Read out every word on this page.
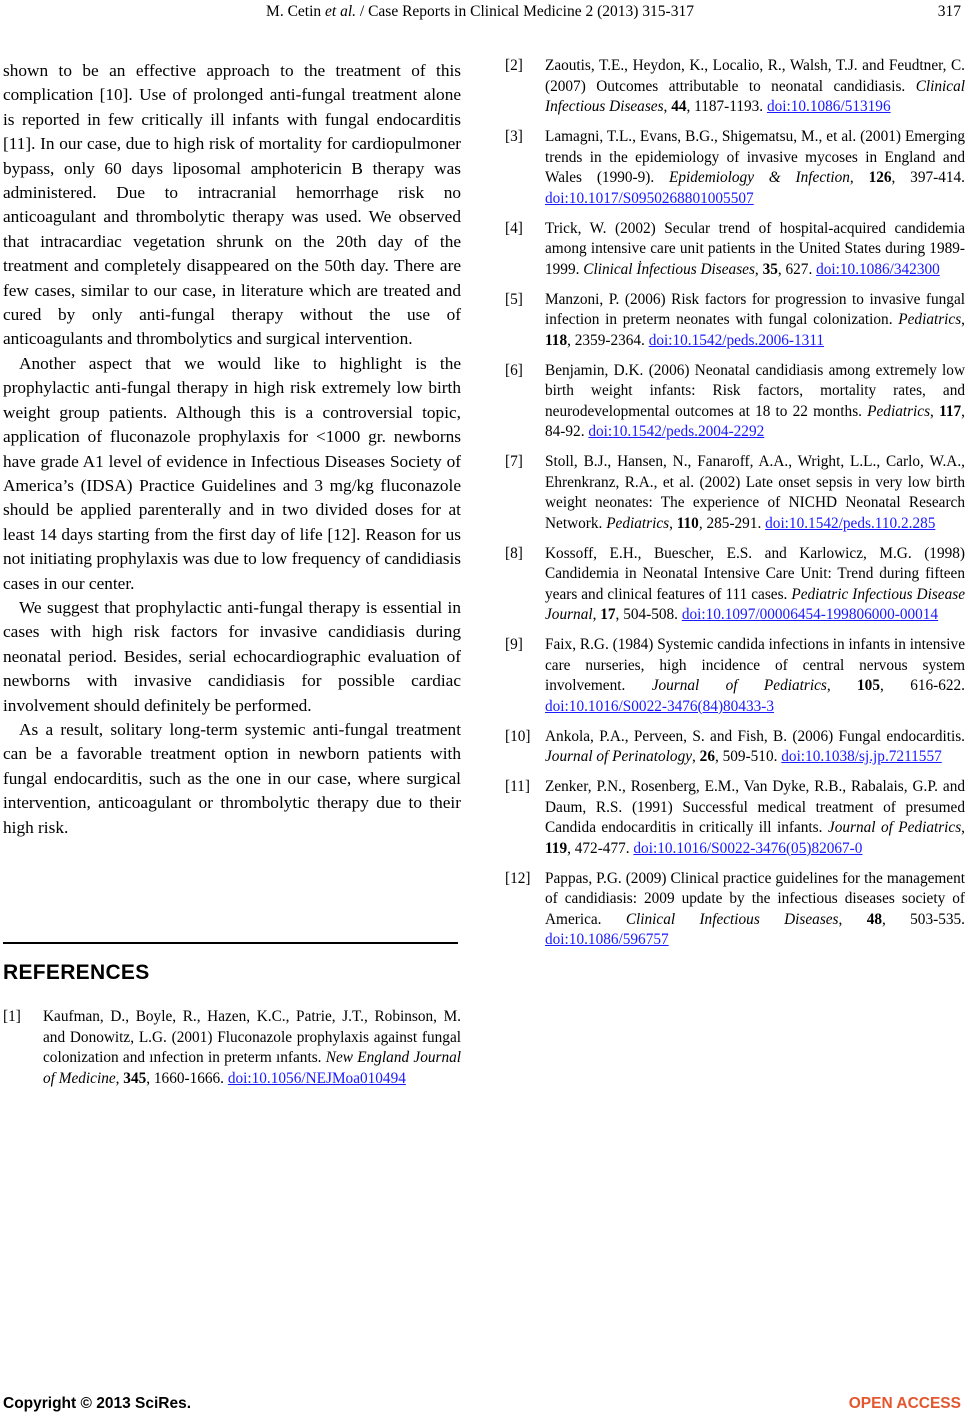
M. Cetin et al. / Case Reports in Clinical Medicine 2 (2013) 315-317	317

shown to be an effective approach to the treatment of this complication [10]. Use of prolonged anti-fungal treatment alone is reported in few critically ill infants with fungal endocarditis [11]. In our case, due to high risk of mortality for cardiopulmoner bypass, only 60 days liposomal amphotericin B therapy was administered. Due to intracranial hemorrhage risk no anticoagulant and thrombolytic therapy was used. We observed that intracardiac vegetation shrunk on the 20th day of the treatment and completely disappeared on the 50th day. There are few cases, similar to our case, in literature which are treated and cured by only anti-fungal therapy without the use of anticoagulants and thrombolytics and surgical intervention.

Another aspect that we would like to highlight is the prophylactic anti-fungal therapy in high risk extremely low birth weight group patients. Although this is a controversial topic, application of fluconazole prophylaxis for <1000 gr. newborns have grade A1 level of evidence in Infectious Diseases Society of America’s (IDSA) Practice Guidelines and 3 mg/kg fluconazole should be applied parenterally and in two divided doses for at least 14 days starting from the first day of life [12]. Reason for us not initiating prophylaxis was due to low frequency of candidiasis cases in our center.

We suggest that prophylactic anti-fungal therapy is essential in cases with high risk factors for invasive candidiasis during neonatal period. Besides, serial echocardiographic evaluation of newborns with invasive candidiasis for possible cardiac involvement should definitely be performed.

As a result, solitary long-term systemic anti-fungal treatment can be a favorable treatment option in newborn patients with fungal endocarditis, such as the one in our case, where surgical intervention, anticoagulant or thrombolytic therapy due to their high risk.

REFERENCES
[1]	Kaufman, D., Boyle, R., Hazen, K.C., Patrie, J.T., Robinson, M. and Donowitz, L.G. (2001) Fluconazole prophylaxis against fungal colonization and ınfection in preterm ınfants. New England Journal of Medicine, 345, 1660-1666. doi:10.1056/NEJMoa010494
[2]	Zaoutis, T.E., Heydon, K., Localio, R., Walsh, T.J. and Feudtner, C. (2007) Outcomes attributable to neonatal candidiasis. Clinical Infectious Diseases, 44, 1187-1193. doi:10.1086/513196
[3]	Lamagni, T.L., Evans, B.G., Shigematsu, M., et al. (2001) Emerging trends in the epidemiology of invasive mycoses in England and Wales (1990-9). Epidemiology & Infection, 126, 397-414. doi:10.1017/S0950268801005507
[4]	Trick, W. (2002) Secular trend of hospital-acquired candidemia among intensive care unit patients in the United States during 1989-1999. Clinical İnfectious Diseases, 35, 627. doi:10.1086/342300
[5]	Manzoni, P. (2006) Risk factors for progression to invasive fungal infection in preterm neonates with fungal colonization. Pediatrics, 118, 2359-2364. doi:10.1542/peds.2006-1311
[6]	Benjamin, D.K. (2006) Neonatal candidiasis among extremely low birth weight infants: Risk factors, mortality rates, and neurodevelopmental outcomes at 18 to 22 months. Pediatrics, 117, 84-92. doi:10.1542/peds.2004-2292
[7]	Stoll, B.J., Hansen, N., Fanaroff, A.A., Wright, L.L., Carlo, W.A., Ehrenkranz, R.A., et al. (2002) Late onset sepsis in very low birth weight neonates: The experience of NICHD Neonatal Research Network. Pediatrics, 110, 285-291. doi:10.1542/peds.110.2.285
[8]	Kossoff, E.H., Buescher, E.S. and Karlowicz, M.G. (1998) Candidemia in Neonatal Intensive Care Unit: Trend during fifteen years and clinical features of 111 cases. Pediatric Infectious Disease Journal, 17, 504-508. doi:10.1097/00006454-199806000-00014
[9]	Faix, R.G. (1984) Systemic candida infections in infants in intensive care nurseries, high incidence of central nervous system involvement. Journal of Pediatrics, 105, 616-622. doi:10.1016/S0022-3476(84)80433-3
[10] Ankola, P.A., Perveen, S. and Fish, B. (2006) Fungal endocarditis. Journal of Perinatology, 26, 509-510. doi:10.1038/sj.jp.7211557
[11] Zenker, P.N., Rosenberg, E.M., Van Dyke, R.B., Rabalais, G.P. and Daum, R.S. (1991) Successful medical treatment of presumed Candida endocarditis in critically ill infants. Journal of Pediatrics, 119, 472-477. doi:10.1016/S0022-3476(05)82067-0
[12] Pappas, P.G. (2009) Clinical practice guidelines for the management of candidiasis: 2009 update by the infectious diseases society of America. Clinical Infectious Diseases, 48, 503-535. doi:10.1086/596757
Copyright © 2013 SciRes.	OPEN ACCESS
